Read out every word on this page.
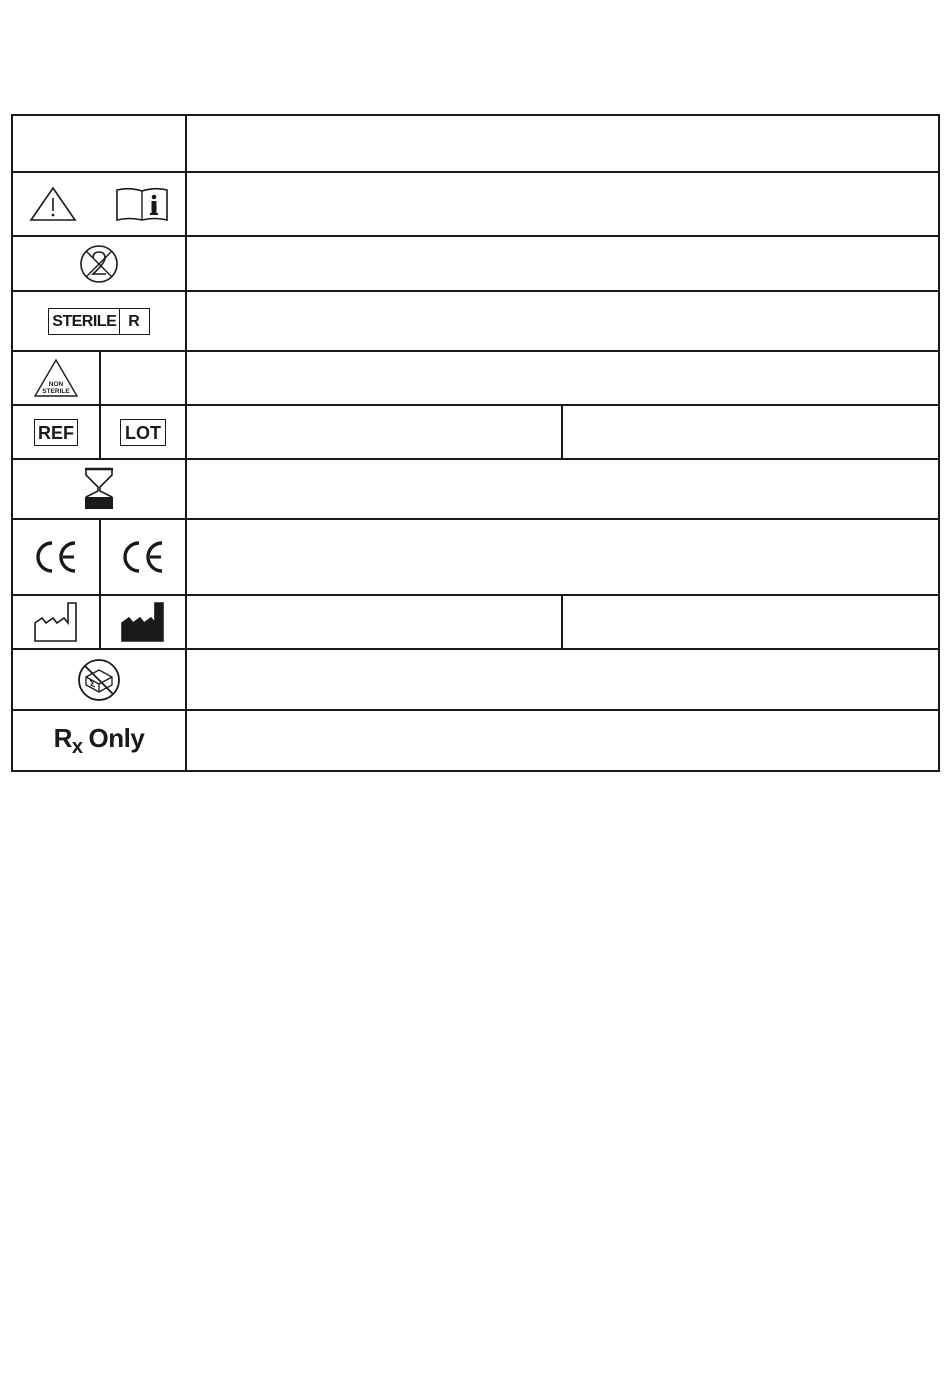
STERILE R			

NON
STERILE			

REF	LOT		

$R_x$ Only			
